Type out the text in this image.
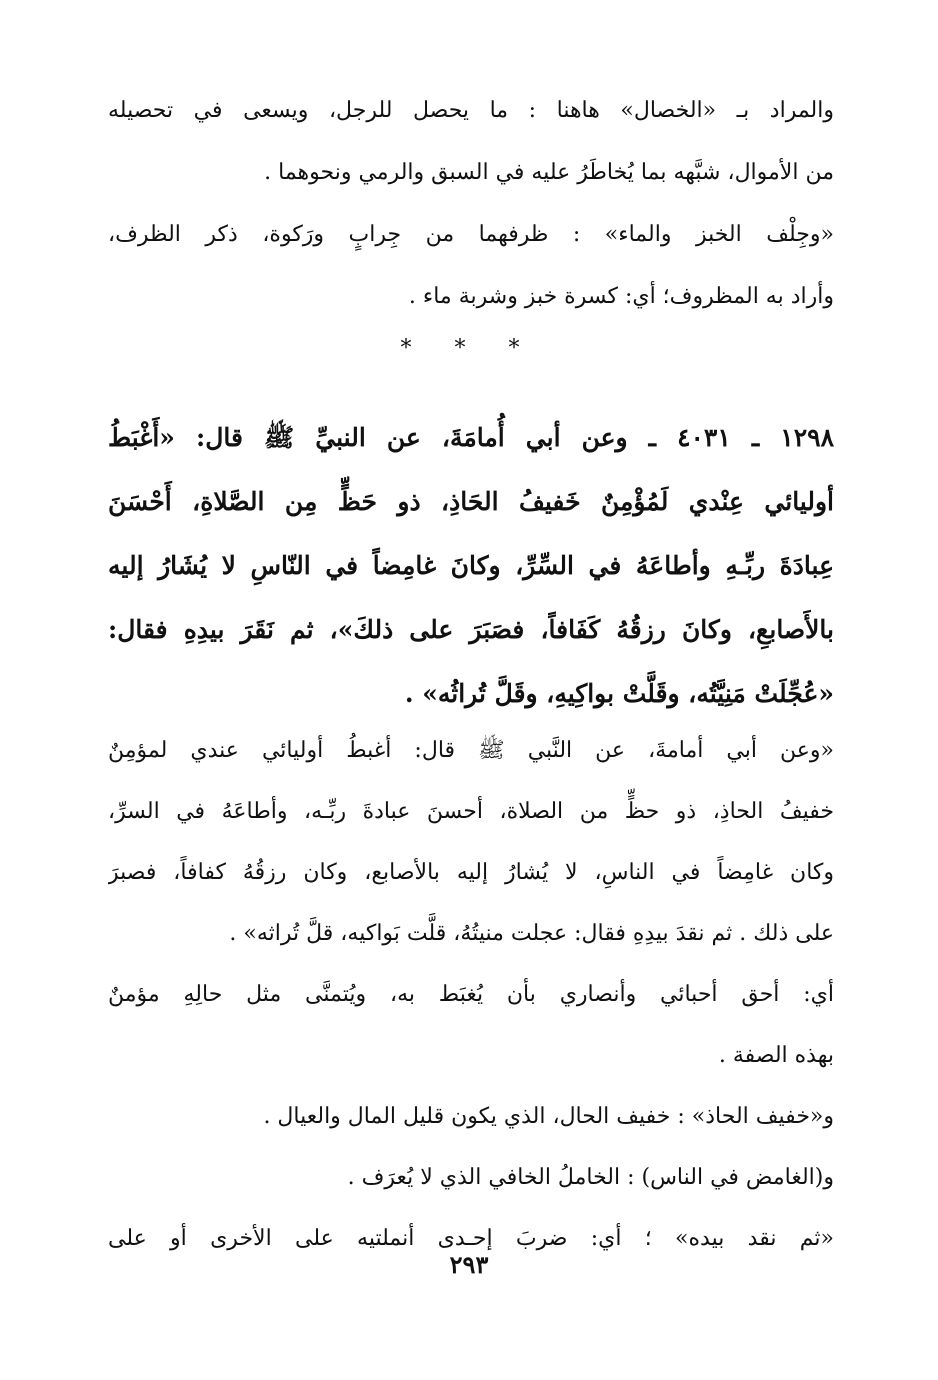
والمراد بـ «الخصال» هاهنا : ما يحصل للرجل، ويسعى في تحصيله
من الأموال، شبَّهه بما يُخاطَرُ عليه في السبق والرمي ونحوهما .
«وجِلْف الخبز والماء» : ظرفهما من جِرابٍ ورَكوة، ذكر الظرف،
وأراد به المظروف؛ أي: كسرة خبز وشربة ماء .
* * *
١٢٩٨ ـ ٤٠٣١ ـ وعن أبي أُمامَةَ، عن النبيِّ ﷺ قال: «أَغْبَطُ
أوليائي عِنْدي لَمُؤْمِنٌ خَفيفُ الحَاذِ، ذو حَظٍّ مِن الصَّلاةِ، أَحْسَنَ
عِبادَةَ ربِّـهِ وأطاعَهُ في السِّرِّ، وكانَ غامِضاً في النّاسِ لا يُشَارُ إليه
بالأَصابعِ، وكانَ رزقُهُ كَفَافاً، فصَبَرَ على ذلكَ»، ثم نَقَرَ بيدِهِ فقال:
«عُجِّلَتْ مَنِيَّتُه، وقَلَّتْ بواكِيهِ، وقَلَّ تُراثُه» .
«وعن أبي أمامةَ، عن النَّبي ﷺ قال: أغبطُ أوليائي عندي لمؤمِنٌ
خفيفُ الحاذِ، ذو حظٍّ من الصلاة، أحسنَ عبادةَ ربِّـه، وأطاعَهُ في السرِّ،
وكان غامِضاً في الناسِ، لا يُشارُ إليه بالأصابع، وكان رزقُهُ كفافاً، فصبرَ
على ذلك . ثم نقدَ بيدِهِ فقال: عجلت منيتُهُ، قلَّت بَواكيه، قلَّ تُراثه» .
أي: أحق أحبائي وأنصاري بأن يُغبَط به، ويُتمنَّى مثل حالِهِ مؤمنٌ
بهذه الصفة .
و«خفيف الحاذ» : خفيف الحال، الذي يكون قليل المال والعيال .
و(الغامض في الناس) : الخاملُ الخافي الذي لا يُعرَف .
«ثم نقد بيده» ؛ أي: ضربَ إحـدى أنملتيه على الأخرى أو على
٢٩٣
